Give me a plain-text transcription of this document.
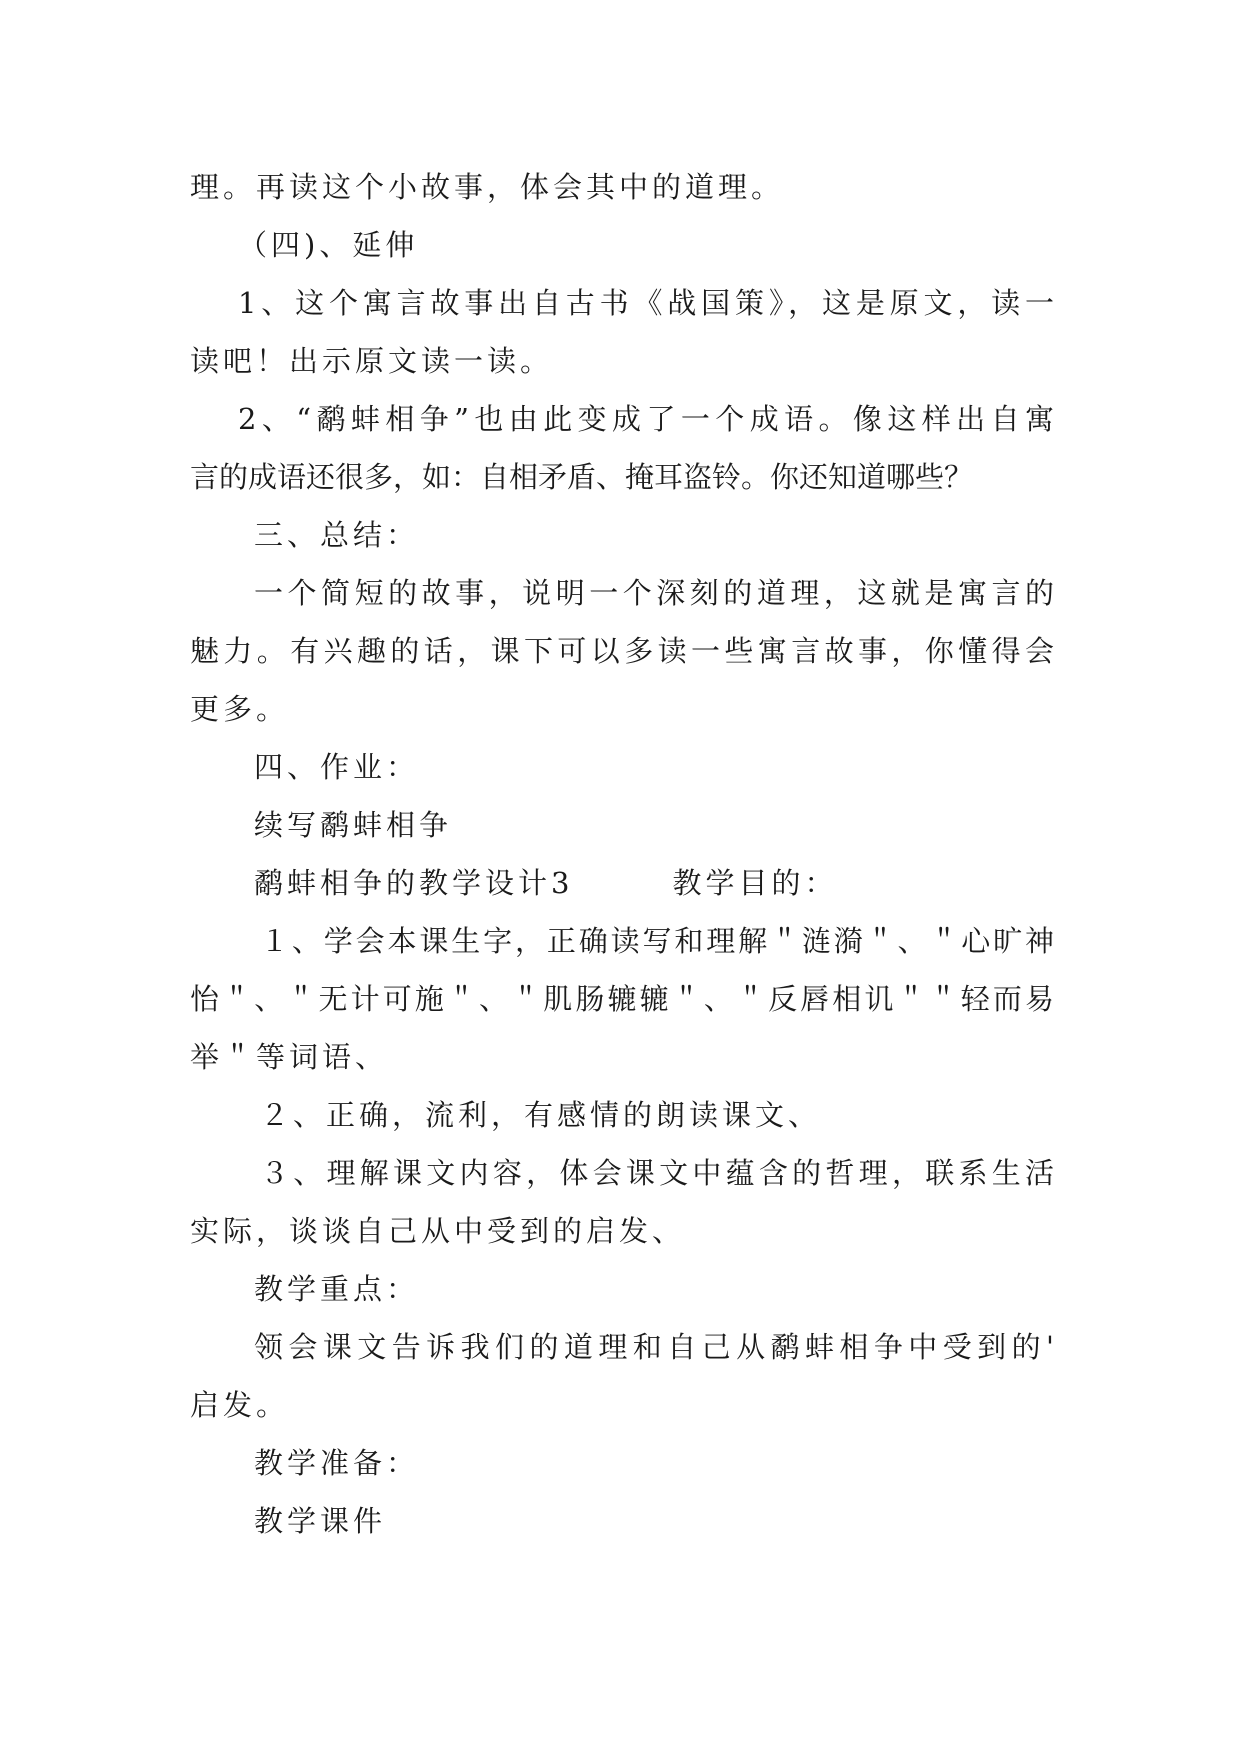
理。再读这个小故事，体会其中的道理。
（四)、延伸
1、这个寓言故事出自古书《战国策》，这是原文，读一
读吧！出示原文读一读。
2、“鹬蚌相争”也由此变成了一个成语。像这样出自寓
言的成语还很多，如：自相矛盾、掩耳盗铃。你还知道哪些？
三、总结：
一个简短的故事，说明一个深刻的道理，这就是寓言的
魅力。有兴趣的话，课下可以多读一些寓言故事，你懂得会
更多。
四、作业：
续写鹬蚌相争
鹬蚌相争的教学设计3　　　教学目的：
１、学会本课生字，正确读写和理解＂涟漪＂、＂心旷神
怡＂、＂无计可施＂、＂肌肠辘辘＂、＂反唇相讥＂＂轻而易
举＂等词语、
２、正确，流利，有感情的朗读课文、
３、理解课文内容，体会课文中蕴含的哲理，联系生活
实际，谈谈自己从中受到的启发、
教学重点：
领会课文告诉我们的道理和自己从鹬蚌相争中受到的'
启发。
教学准备：
教学课件
